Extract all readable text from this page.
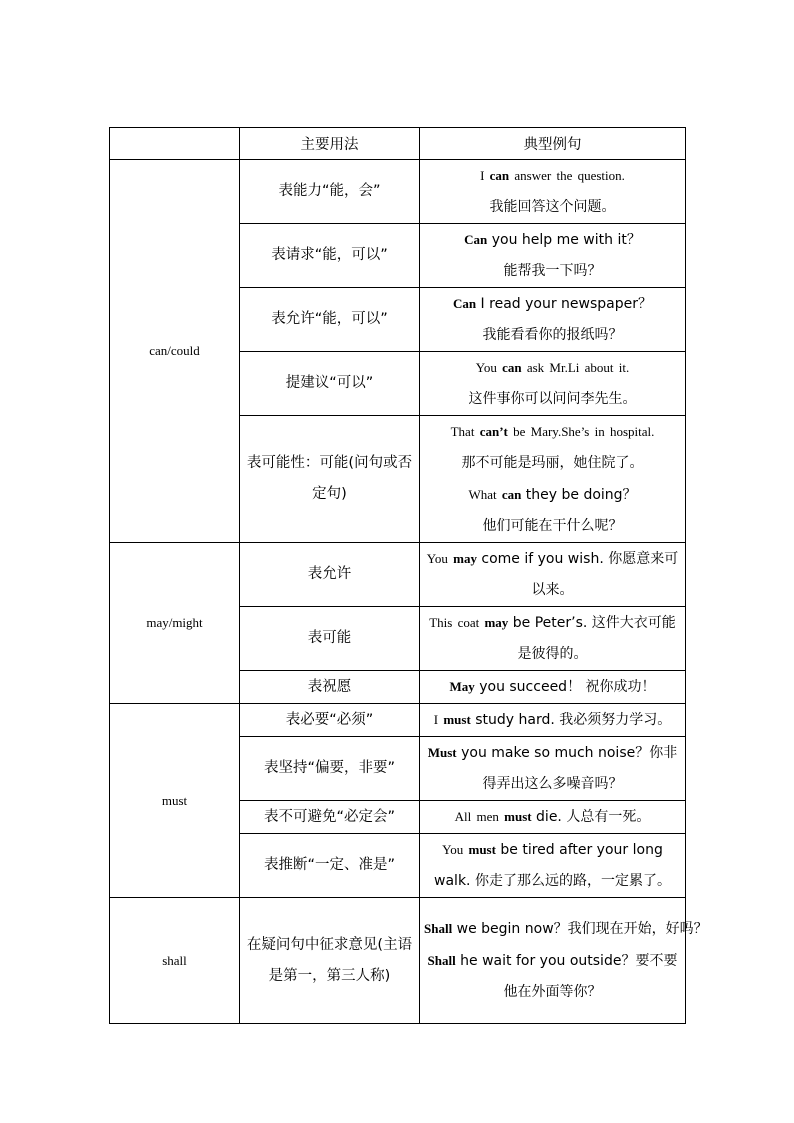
	主要用法	典型例句
can/could	表能力“能，会”	I can answer the question.
我能回答这个问题。

	表请求“能，可以”	Can you help me with it？
能帮我一下吗？

	表允许“能，可以”	Can I read your newspaper？
我能看看你的报纸吗？

	提建议“可以”	You can ask Mr.Li about it.
这件事你可以问问李先生。

	表可能性：可能(问句或否定句)	That can’t be Mary.She’s in hospital.
那不可能是玛丽，她住院了。
What can they be doing？
他们可能在干什么呢？

may/might	表允许	You may come if you wish. 你愿意来可以来。

	表可能	This coat may be Peter’s. 这件大衣可能是彼得的。

	表祝愿	May you succeed！ 祝你成功！

must	表必要“必须”	I must study hard. 我必须努力学习。

	表坚持“偏要，非要”	Must you make so much noise？你非得弄出这么多噪音吗？

	表不可避免“必定会”	All men must die. 人总有一死。

	表推断“一定、准是”	You must be tired after your long walk. 你走了那么远的路，一定累了。

shall	在疑问句中征求意见(主语是第一，第三人称)	Shall we begin now？我们现在开始，好吗？
Shall he wait for you outside？要不要他在外面等你？
